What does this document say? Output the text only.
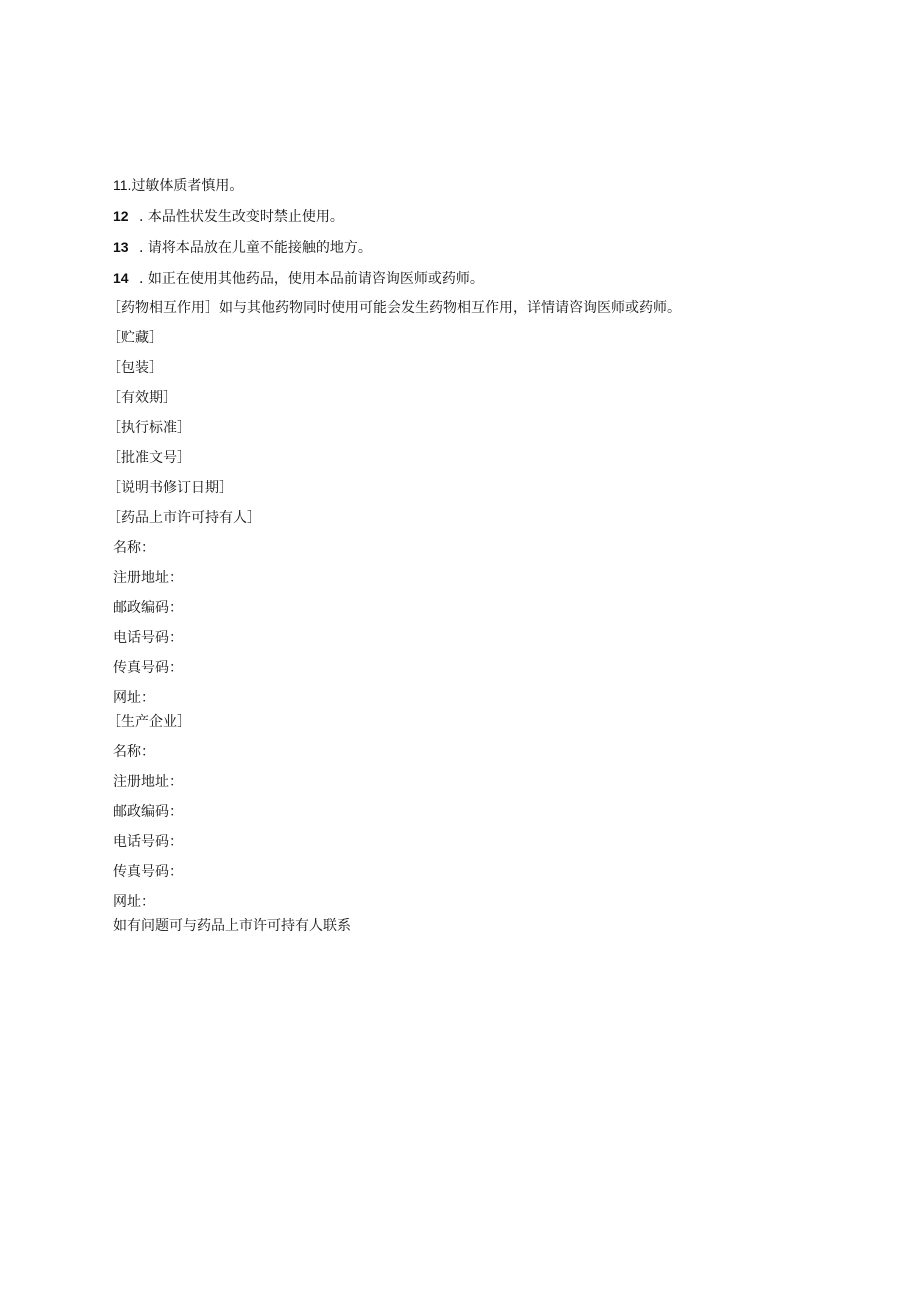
11.过敏体质者慎用。
12 . 本品性状发生改变时禁止使用。
13 . 请将本品放在儿童不能接触的地方。
14 . 如正在使用其他药品，使用本品前请咨询医师或药师。
［药物相互作用］如与其他药物同时使用可能会发生药物相互作用，详情请咨询医师或药师。
［贮藏］
［包装］
［有效期］
［执行标准］
［批准文号］
［说明书修订日期］
［药品上市许可持有人］
名称：
注册地址：
邮政编码：
电话号码：
传真号码：
网址：
［生产企业］
名称：
注册地址：
邮政编码：
电话号码：
传真号码：
网址：
如有问题可与药品上市许可持有人联系
